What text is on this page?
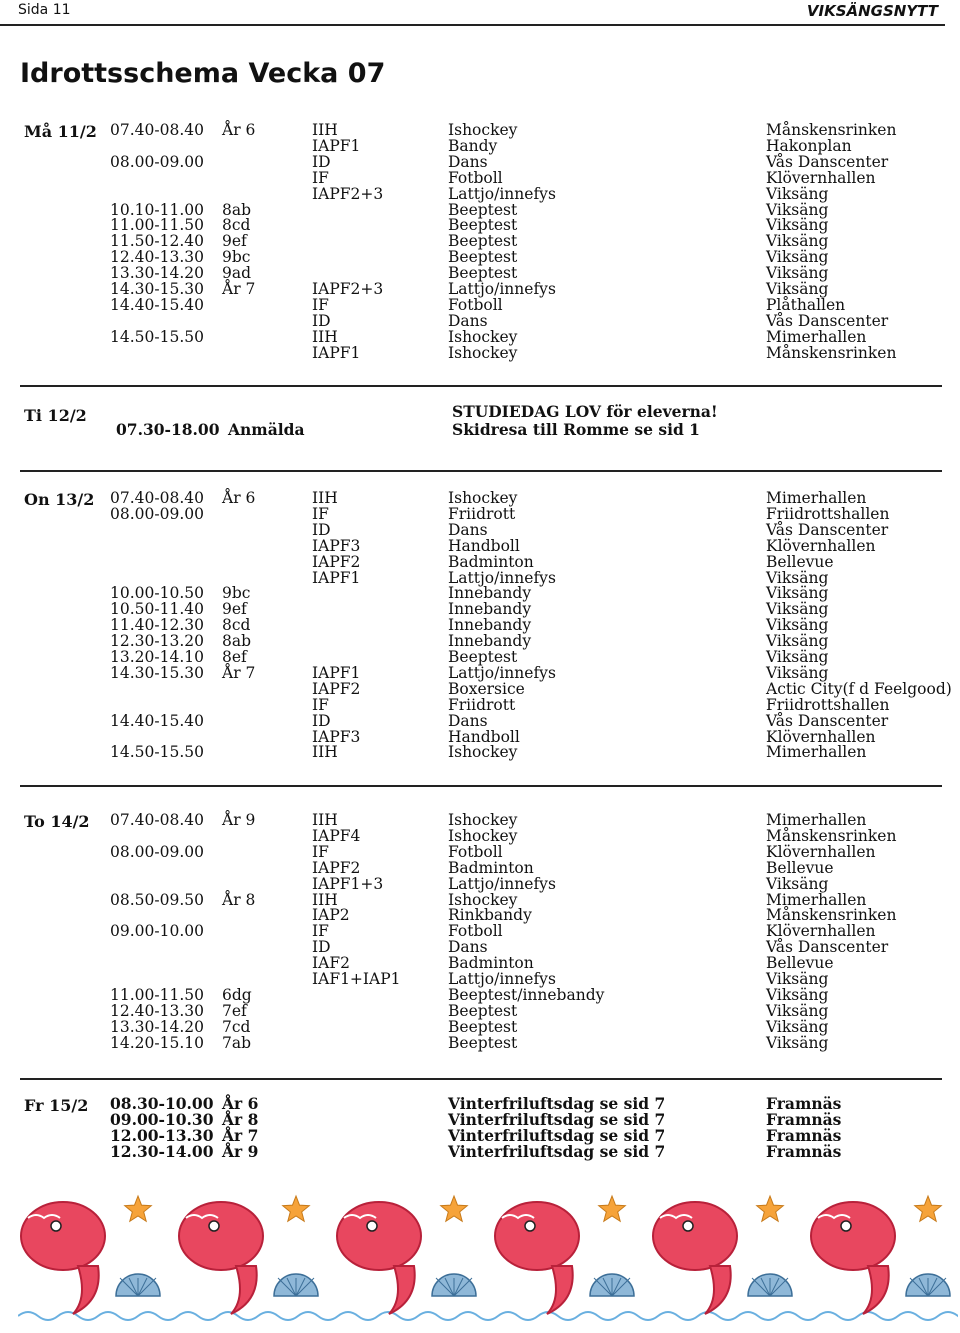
Sida 11	VIKSÄNGSNYTT
Idrottsschema Vecka 07
Må 11/2 07.40-08.40 År 6	IIH	Ishockey	Månskensrinken
IAPF1	Bandy	Hakonplan
08.00-09.00	ID	Dans	Vås Danscenter
IF	Fotboll	Klövernhallen
IAPF2+3	Lattjo/innefys	Viksäng
10.10-11.00 8ab	Beeptest	Viksäng
11.00-11.50 8cd	Beeptest	Viksäng
11.50-12.40 9ef	Beeptest	Viksäng
12.40-13.30 9bc	Beeptest	Viksäng
13.30-14.20 9ad	Beeptest	Viksäng
14.30-15.30 År 7	IAPF2+3	Lattjo/innefys	Viksäng
14.40-15.40	IF	Fotboll	Plåthallen
ID	Dans	Vås Danscenter
14.50-15.50	IIH	Ishockey	Mimerhallen
IAPF1	Ishockey	Månskensrinken
Ti 12/2	STUDIEDAG LOV för eleverna!
07.30-18.00 Anmälda	Skidresa till Romme se sid 1
On 13/2 07.40-08.40 År 6	IIH	Ishockey	Mimerhallen
08.00-09.00	IF	Friidrott	Friidrottshallen
ID	Dans	Vås Danscenter
IAPF3	Handboll	Klövernhallen
IAPF2	Badminton	Bellevue
IAPF1	Lattjo/innefys	Viksäng
10.00-10.50 9bc	Innebandy	Viksäng
10.50-11.40 9ef	Innebandy	Viksäng
11.40-12.30 8cd	Innebandy	Viksäng
12.30-13.20 8ab	Innebandy	Viksäng
13.20-14.10 8ef	Beeptest	Viksäng
14.30-15.30 År 7	IAPF1	Lattjo/innefys	Viksäng
IAPF2	Boxersice	Actic City(f d Feelgood)
IF	Friidrott	Friidrottshallen
14.40-15.40	ID	Dans	Vås Danscenter
IAPF3	Handboll	Klövernhallen
14.50-15.50	IIH	Ishockey	Mimerhallen
To 14/2 07.40-08.40 År 9	IIH	Ishockey	Mimerhallen
IAPF4	Ishockey	Månskensrinken
08.00-09.00	IF	Fotboll	Klövernhallen
IAPF2	Badminton	Bellevue
IAPF1+3	Lattjo/innefys	Viksäng
08.50-09.50 År 8	IIH	Ishockey	Mimerhallen
IAP2	Rinkbandy	Månskensrinken
09.00-10.00	IF	Fotboll	Klövernhallen
ID	Dans	Vås Danscenter
IAF2	Badminton	Bellevue
IAF1+IAP1	Lattjo/innefys	Viksäng
11.00-11.50 6dg	Beeptest/innebandy	Viksäng
12.40-13.30 7ef	Beeptest	Viksäng
13.30-14.20 7cd	Beeptest	Viksäng
14.20-15.10 7ab	Beeptest	Viksäng
Fr 15/2 08.30-10.00 År 6	Vinterfriluftsdag se sid 7	Framnäs
09.00-10.30 År 8	Vinterfriluftsdag se sid 7	Framnäs
12.00-13.30 År 7	Vinterfriluftsdag se sid 7	Framnäs
12.30-14.00 År 9	Vinterfriluftsdag se sid 7	Framnäs
